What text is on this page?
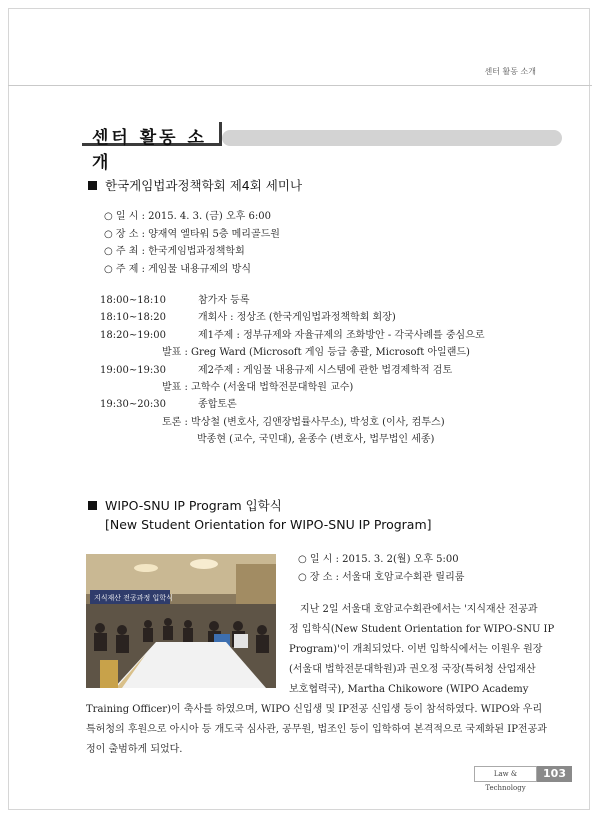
센터 활동 소개
센터 활동 소개
한국게임법과정책학회 제4회 세미나
○ 일 시 : 2015. 4. 3. (금) 오후 6:00
○ 장 소 : 양재역 엘타워 5층 메리골드원
○ 주 최 : 한국게임법과정책학회
○ 주 제 : 게임물 내용규제의 방식
18:00~18:10	참가자 등록
18:10~18:20	개회사 : 정상조 (한국게임법과정책학회 회장)
18:20~19:00	제1주제 : 정부규제와 자율규제의 조화방안 - 각국사례를 중심으로
발표 : Greg Ward (Microsoft 게임 등급 총괄, Microsoft 아일랜드)
19:00~19:30	제2주제 : 게임물 내용규제 시스템에 관한 법경제학적 검토
발표 : 고학수 (서울대 법학전문대학원 교수)
19:30~20:30	종합토론
토론 : 박상철 (변호사, 김앤장법률사무소), 박성호 (이사, 컴투스)
박종현 (교수, 국민대), 윤종수 (변호사, 법무법인 세종)
WIPO-SNU IP Program 입학식
[New Student Orientation for WIPO-SNU IP Program]
지식재산 전공과정 입학식
○ 일 시 : 2015. 3. 2(월) 오후 5:00
○ 장 소 : 서울대 호암교수회관 릴리룸
지난 2일 서울대 호암교수회관에서는 '지식재산 전공과
정 입학식(New Student Orientation for WIPO-SNU IP
Program)'이 개최되었다. 이번 입학식에서는 이원우 원장
(서울대 법학전문대학원)과 권오정 국장(특허청 산업재산
보호협력국), Martha Chikowore (WIPO Academy
Training Officer)이 축사를 하였으며, WIPO 신입생 및 IP전공 신입생 등이 참석하였다. WIPO와 우리
특허청의 후원으로 아시아 등 개도국 심사관, 공무원, 법조인 등이 입학하여 본격적으로 국제화된 IP전공과
정이 출범하게 되었다.
Law & Technology
103
